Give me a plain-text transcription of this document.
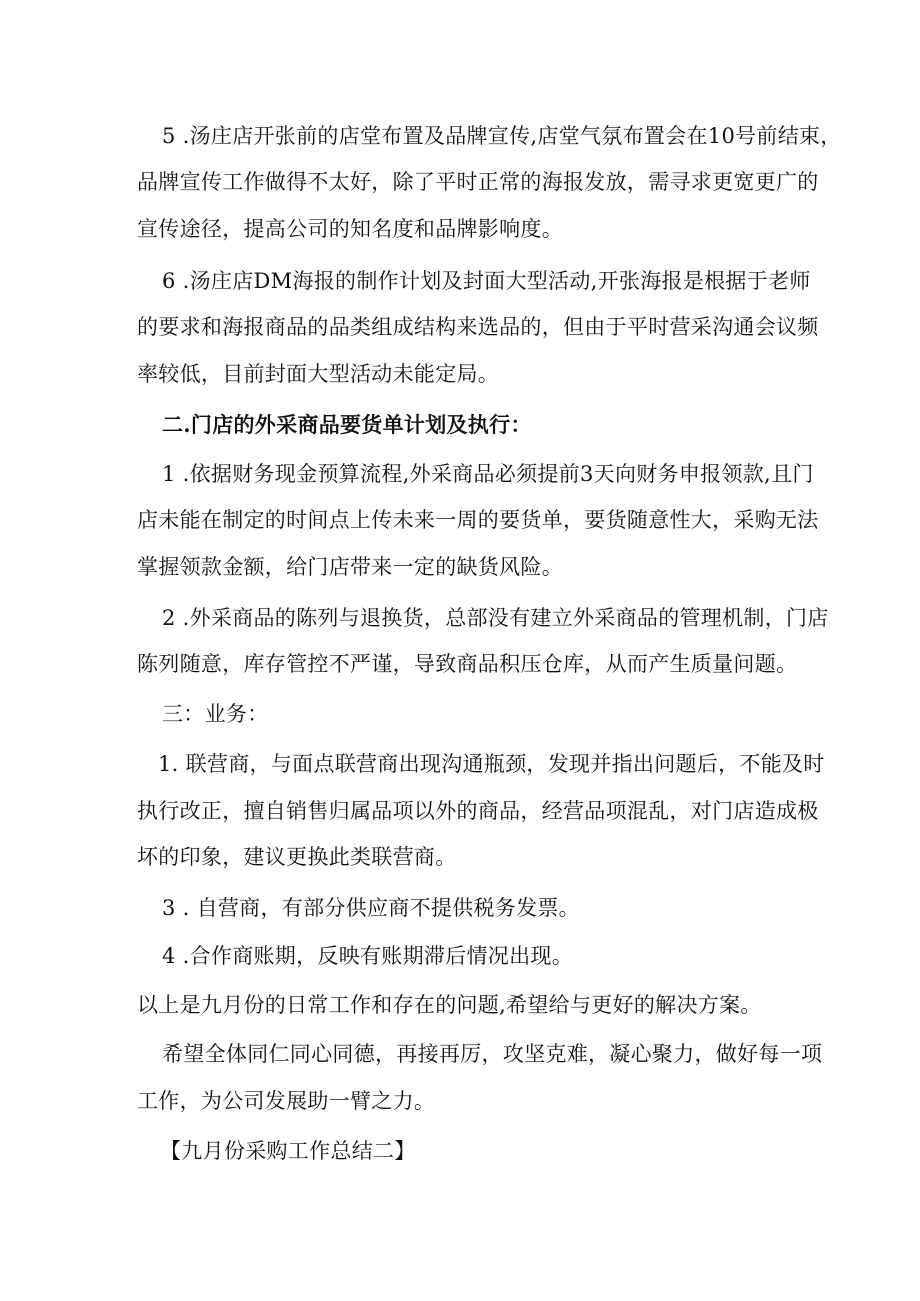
5 .汤庄店开张前的店堂布置及品牌宣传,店堂气氛布置会在10号前结束，
品牌宣传工作做得不太好，除了平时正常的海报发放，需寻求更宽更广的
宣传途径，提高公司的知名度和品牌影响度。
6 .汤庄店DM海报的制作计划及封面大型活动,开张海报是根据于老师
的要求和海报商品的品类组成结构来选品的，但由于平时营采沟通会议频
率较低，目前封面大型活动未能定局。
二.门店的外采商品要货单计划及执行：
1 .依据财务现金预算流程,外采商品必须提前3天向财务申报领款,且门
店未能在制定的时间点上传未来一周的要货单，要货随意性大，采购无法
掌握领款金额，给门店带来一定的缺货风险。
2 .外采商品的陈列与退换货，总部没有建立外采商品的管理机制，门店
陈列随意，库存管控不严谨，导致商品积压仓库，从而产生质量问题。
三：业务：
1. 联营商，与面点联营商出现沟通瓶颈，发现并指出问题后，不能及时
执行改正，擅自销售归属品项以外的商品，经营品项混乱，对门店造成极
坏的印象，建议更换此类联营商。
3 . 自营商，有部分供应商不提供税务发票。
4 .合作商账期，反映有账期滞后情况出现。
以上是九月份的日常工作和存在的问题,希望给与更好的解决方案。
希望全体同仁同心同德，再接再厉，攻坚克难，凝心聚力，做好每一项
工作，为公司发展助一臂之力。
【九月份采购工作总结二】
